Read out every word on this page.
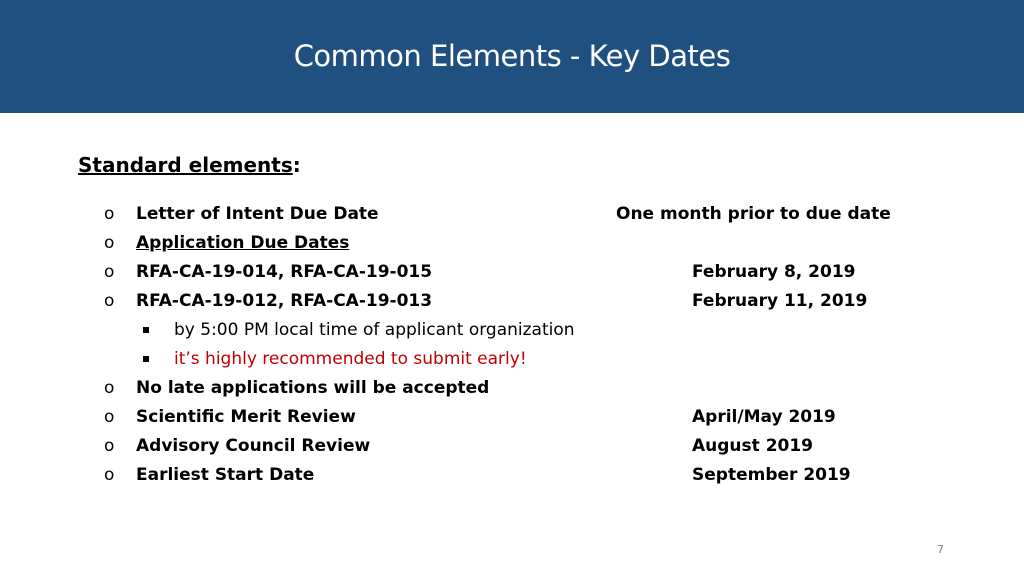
Common Elements - Key Dates
Standard elements:
o Letter of Intent Due Date	One month prior to due date
o Application Due Dates
o RFA-CA-19-014, RFA-CA-19-015	February 8, 2019
o RFA-CA-19-012, RFA-CA-19-013	February 11, 2019
by 5:00 PM local time of applicant organization
it’s highly recommended to submit early!
o No late applications will be accepted
o Scientific Merit Review	April/May 2019
o Advisory Council Review	August 2019
o Earliest Start Date	September 2019
7
